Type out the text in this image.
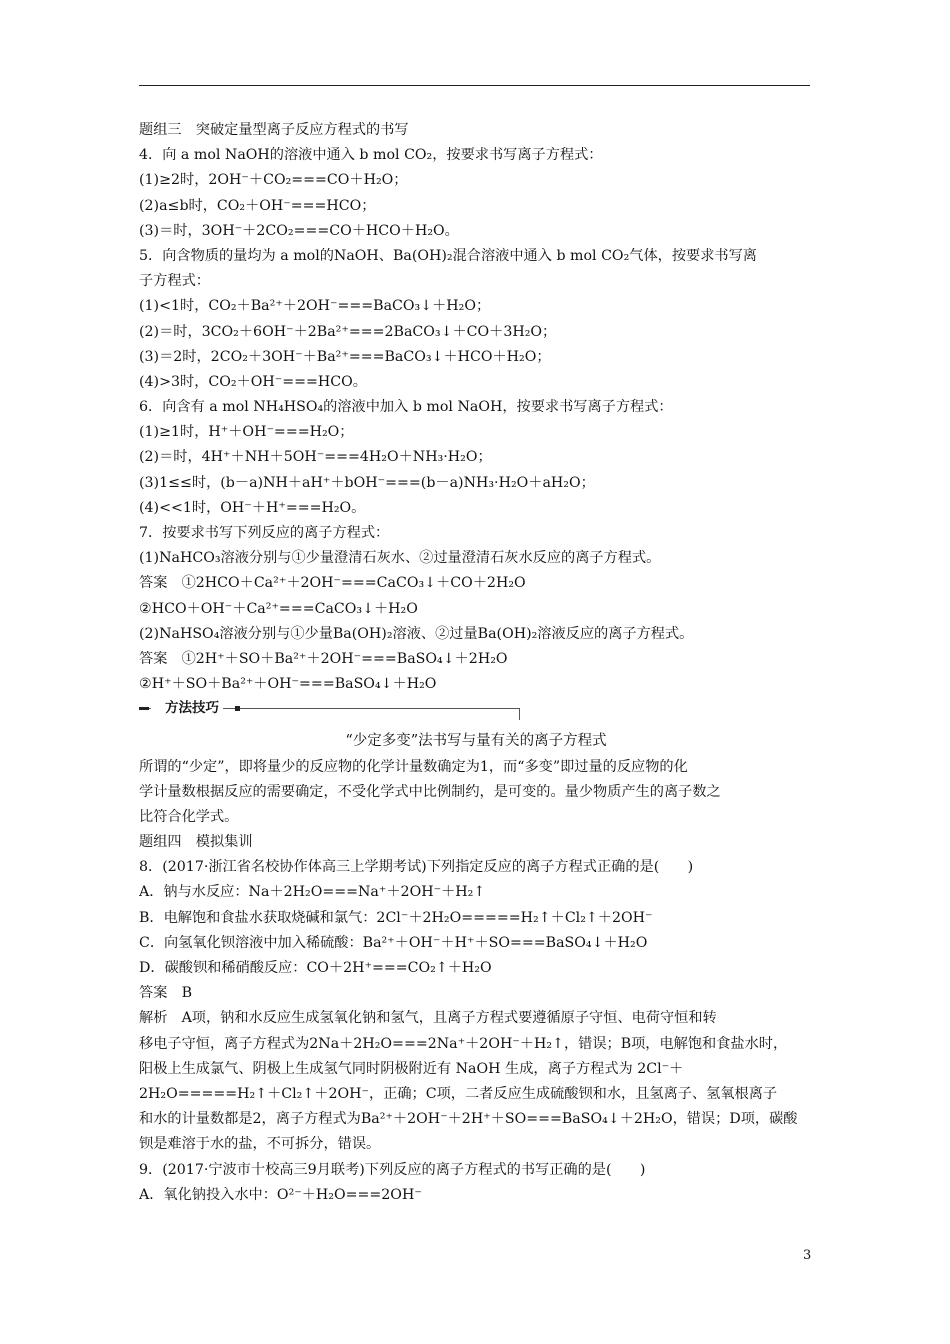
题组三　突破定量型离子反应方程式的书写
4．向 a mol NaOH的溶液中通入 b mol CO₂，按要求书写离子方程式：
(1)≥2时，2OH⁻＋CO₂===CO＋H₂O；
(2)a≤b时，CO₂＋OH⁻===HCO；
(3)＝时，3OH⁻＋2CO₂===CO＋HCO＋H₂O。
5．向含物质的量均为 a mol的NaOH、Ba(OH)₂混合溶液中通入 b mol CO₂气体，按要求书写离
子方程式：
(1)<1时，CO₂＋Ba²⁺＋2OH⁻===BaCO₃↓＋H₂O；
(2)＝时，3CO₂＋6OH⁻＋2Ba²⁺===2BaCO₃↓＋CO＋3H₂O；
(3)＝2时，2CO₂＋3OH⁻＋Ba²⁺===BaCO₃↓＋HCO＋H₂O；
(4)>3时，CO₂＋OH⁻===HCO。
6．向含有 a mol NH₄HSO₄的溶液中加入 b mol NaOH，按要求书写离子方程式：
(1)≥1时，H⁺＋OH⁻===H₂O；
(2)＝时，4H⁺＋NH＋5OH⁻===4H₂O＋NH₃·H₂O；
(3)1≤≤时，(b－a)NH＋aH⁺＋bOH⁻===(b－a)NH₃·H₂O＋aH₂O；
(4)<<1时，OH⁻＋H⁺===H₂O。
7．按要求书写下列反应的离子方程式：
(1)NaHCO₃溶液分别与①少量澄清石灰水、②过量澄清石灰水反应的离子方程式。
答案　①2HCO＋Ca²⁺＋2OH⁻===CaCO₃↓＋CO＋2H₂O
②HCO＋OH⁻＋Ca²⁺===CaCO₃↓＋H₂O
(2)NaHSO₄溶液分别与①少量Ba(OH)₂溶液、②过量Ba(OH)₂溶液反应的离子方程式。
答案　①2H⁺＋SO＋Ba²⁺＋2OH⁻===BaSO₄↓＋2H₂O
②H⁺＋SO＋Ba²⁺＋OH⁻===BaSO₄↓＋H₂O
方法技巧
“少定多变”法书写与量有关的离子方程式
所谓的“少定”，即将量少的反应物的化学计量数确定为1，而“多变”即过量的反应物的化
学计量数根据反应的需要确定，不受化学式中比例制约，是可变的。量少物质产生的离子数之
比符合化学式。
题组四　模拟集训
8．(2017·浙江省名校协作体高三上学期考试)下列指定反应的离子方程式正确的是(　　)
A．钠与水反应：Na＋2H₂O===Na⁺＋2OH⁻＋H₂↑
B．电解饱和食盐水获取烧碱和氯气：2Cl⁻＋2H₂O=====H₂↑＋Cl₂↑＋2OH⁻
C．向氢氧化钡溶液中加入稀硫酸：Ba²⁺＋OH⁻＋H⁺＋SO===BaSO₄↓＋H₂O
D．碳酸钡和稀硝酸反应：CO＋2H⁺===CO₂↑＋H₂O
答案　B
解析　A项，钠和水反应生成氢氧化钠和氢气，且离子方程式要遵循原子守恒、电荷守恒和转
移电子守恒，离子方程式为2Na＋2H₂O===2Na⁺＋2OH⁻＋H₂↑，错误；B项，电解饱和食盐水时，
阳极上生成氯气、阴极上生成氢气同时阴极附近有 NaOH 生成，离子方程式为 2Cl⁻＋
2H₂O=====H₂↑＋Cl₂↑＋2OH⁻，正确；C项，二者反应生成硫酸钡和水，且氢离子、氢氧根离子
和水的计量数都是2，离子方程式为Ba²⁺＋2OH⁻＋2H⁺＋SO===BaSO₄↓＋2H₂O，错误；D项，碳酸
钡是难溶于水的盐，不可拆分，错误。
9．(2017·宁波市十校高三9月联考)下列反应的离子方程式的书写正确的是(　　)
A．氧化钠投入水中：O²⁻＋H₂O===2OH⁻
3
